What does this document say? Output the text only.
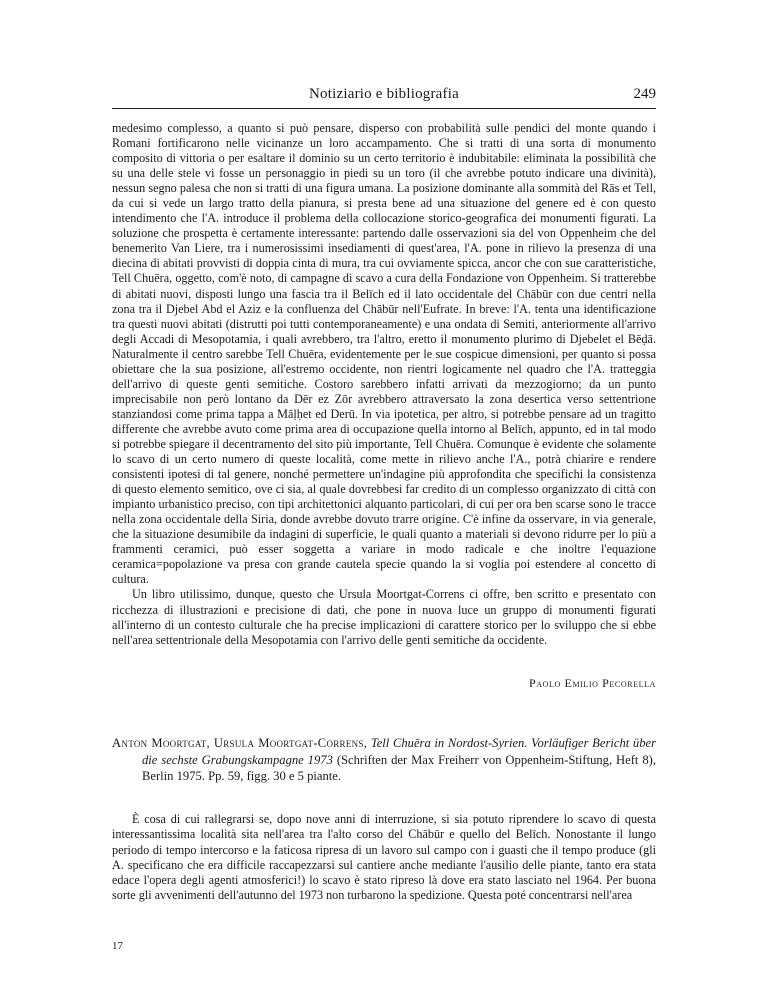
Notiziario e bibliografia	249

medesimo complesso, a quanto si può pensare, disperso con probabilità sulle pendici del monte quando i Romani fortificarono nelle vicinanze un loro accampamento. Che si tratti di una sorta di monumento composito di vittoria o per esaltare il dominio su un certo territorio è indubitabile: eliminata la possibilità che su una delle stele vi fosse un personaggio in piedi su un toro (il che avrebbe potuto indicare una divinità), nessun segno palesa che non si tratti di una figura umana. La posizione dominante alla sommità del Rās et Tell, da cui si vede un largo tratto della pianura, si presta bene ad una situazione del genere ed è con questo intendimento che l'A. introduce il problema della collocazione storico-geografica dei monumenti figurati. La soluzione che prospetta è certamente interessante: partendo dalle osservazioni sia del von Oppenheim che del benemerito Van Liere, tra i numerosissimi insediamenti di quest'area, l'A. pone in rilievo la presenza di una diecina di abitati provvisti di doppia cinta di mura, tra cui ovviamente spicca, ancor che con sue caratteristiche, Tell Chuēra, oggetto, com'è noto, di campagne di scavo a cura della Fondazione von Oppenheim. Si tratterebbe di abitati nuovi, disposti lungo una fascia tra il Belīch ed il lato occidentale del Chābūr con due centri nella zona tra il Djebel Abd el Aziz e la confluenza del Chābūr nell'Eufrate. In breve: l'A. tenta una identificazione tra questi nuovi abitati (distrutti poi tutti contemporaneamente) e una ondata di Semiti, anteriormente all'arrivo degli Accadi di Mesopotamia, i quali avrebbero, tra l'altro, eretto il monumento plurimo di Djebelet el Bēḍā. Naturalmente il centro sarebbe Tell Chuēra, evidentemente per le sue cospicue dimensioni, per quanto si possa obiettare che la sua posizione, all'estremo occidente, non rientri logicamente nel quadro che l'A. tratteggia dell'arrivo di queste genti semitiche. Costoro sarebbero infatti arrivati da mezzogiorno; da un punto imprecisabile non però lontano da Dēr ez Zōr avrebbero attraversato la zona desertica verso settentrione stanziandosi come prima tappa a Māḷḥet ed Derū. In via ipotetica, per altro, si potrebbe pensare ad un tragitto differente che avrebbe avuto come prima area di occupazione quella intorno al Belīch, appunto, ed in tal modo si potrebbe spiegare il decentramento del sito più importante, Tell Chuēra. Comunque è evidente che solamente lo scavo di un certo numero di queste località, come mette in rilievo anche l'A., potrà chiarire e rendere consistenti ipotesi di tal genere, nonché permettere un'indagine più approfondita che specifichi la consistenza di questo elemento semitico, ove ci sia, al quale dovrebbesi far credito di un complesso organizzato di città con impianto urbanistico preciso, con tipi architettonici alquanto particolari, di cui per ora ben scarse sono le tracce nella zona occidentale della Siria, donde avrebbe dovuto trarre origine. C'è infine da osservare, in via generale, che la situazione desumibile da indagini di superficie, le quali quanto a materiali si devono ridurre per lo più a frammenti ceramici, può esser soggetta a variare in modo radicale e che inoltre l'equazione ceramica=popolazione va presa con grande cautela specie quando la si voglia poi estendere al concetto di cultura.

Un libro utilissimo, dunque, questo che Ursula Moortgat-Correns ci offre, ben scritto e presentato con ricchezza di illustrazioni e precisione di dati, che pone in nuova luce un gruppo di monumenti figurati all'interno di un contesto culturale che ha precise implicazioni di carattere storico per lo sviluppo che si ebbe nell'area settentrionale della Mesopotamia con l'arrivo delle genti semitiche da occidente.

Paolo Emilio Pecorella

Anton Moortgat, Ursula Moortgat-Correns, Tell Chuēra in Nordost-Syrien. Vorläufiger Bericht über die sechste Grabungskampagne 1973 (Schriften der Max Freiherr von Oppenheim-Stiftung, Heft 8), Berlin 1975. Pp. 59, figg. 30 e 5 piante.

È cosa di cui rallegrarsi se, dopo nove anni di interruzione, si sia potuto riprendere lo scavo di questa interessantissima località sita nell'area tra l'alto corso del Chābūr e quello del Belīch. Nonostante il lungo periodo di tempo intercorso e la faticosa ripresa di un lavoro sul campo con i guasti che il tempo produce (gli A. specificano che era difficile raccapezzarsi sul cantiere anche mediante l'ausilio delle piante, tanto era stata edace l'opera degli agenti atmosferici!) lo scavo è stato ripreso là dove era stato lasciato nel 1964. Per buona sorte gli avvenimenti dell'autunno del 1973 non turbarono la spedizione. Questa poté concentrarsi nell'area

17
